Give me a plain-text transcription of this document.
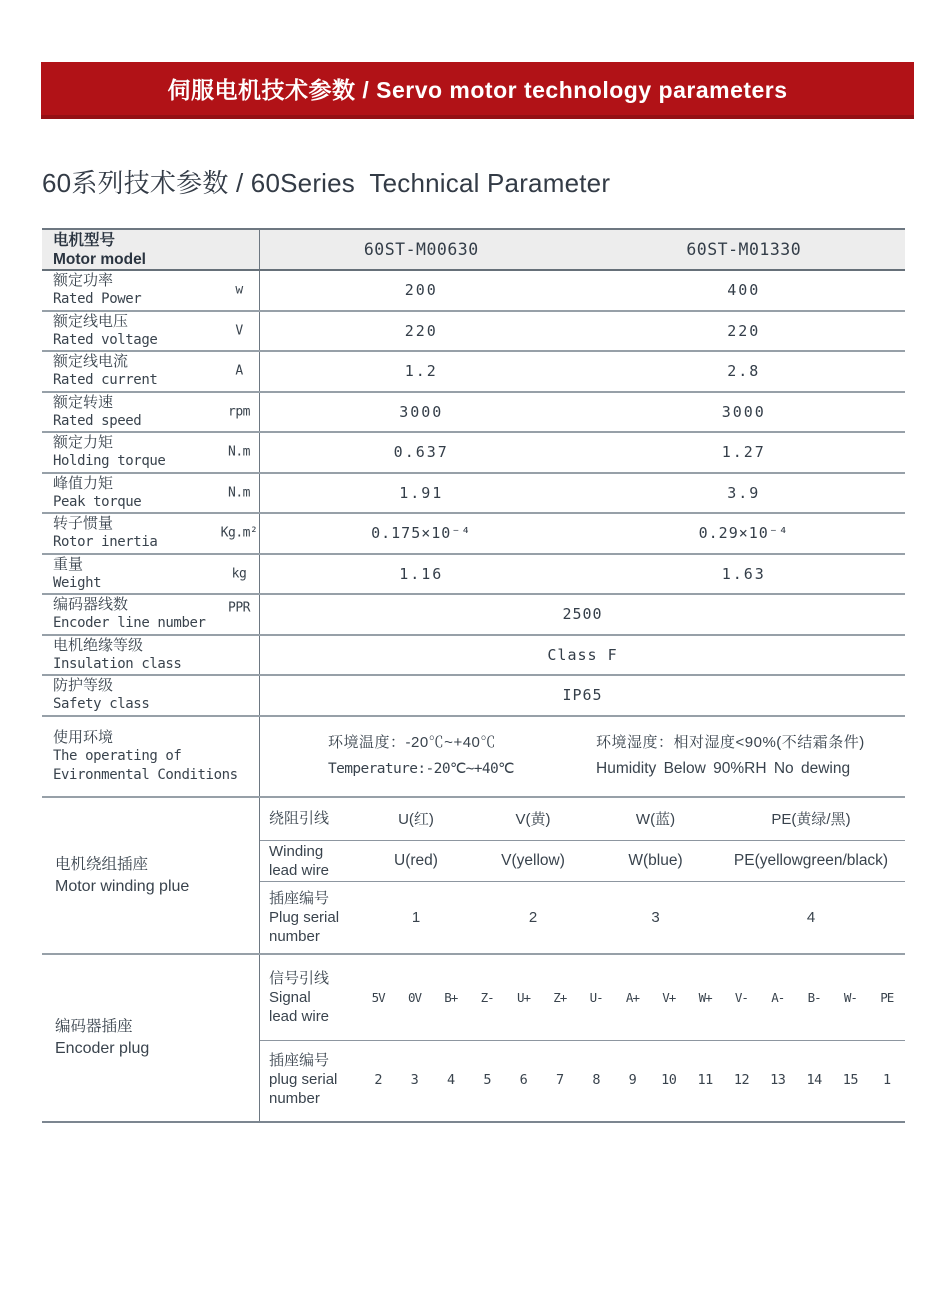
伺服电机技术参数 / Servo motor technology parameters
60系列技术参数 / 60Series  Technical Parameter
电机型号
Motor model	60ST-M00630	60ST-M01330
额定功率
Rated Power
w	200	400
额定线电压
Rated voltage
V	220	220
额定线电流
Rated current
A	1.2	2.8
额定转速
Rated speed
rpm	3000	3000
额定力矩
Holding torque
N.m	0.637	1.27
峰值力矩
Peak torque
N.m	1.91	3.9
转子惯量
Rotor inertia
Kg.m²	0.175×10⁻⁴	0.29×10⁻⁴
重量
Weight
kg	1.16	1.63
编码器线数
Encoder line number
PPR	2500
电机绝缘等级
Insulation class	Class F
防护等级
Safety class	IP65
使用环境
The operating of
Evironmental Conditions
环境温度：-20℃~+40℃
Temperature:-20℃~+40℃
环境湿度：相对湿度<90%(不结霜条件)
Humidity Below 90%RH No dewing
电机绕组插座
Motor winding plue
绕阻引线	U(红)	V(黄)	W(蓝)	PE(黄绿/黑)
Winding
lead wire
U(red)	V(yellow)	W(blue)	PE(yellowgreen/black)
插座编号
Plug serial
number
1	2	3	4
编码器插座
Encoder plug
信号引线
Signal
lead wire
5V	0V	B+	Z-	U+	Z+	U-	A+	V+	W+	V-	A-	B-	W-	PE
插座编号
plug serial
number
2	3	4	5	6	7	8	9	10	11	12	13	14	15	1
